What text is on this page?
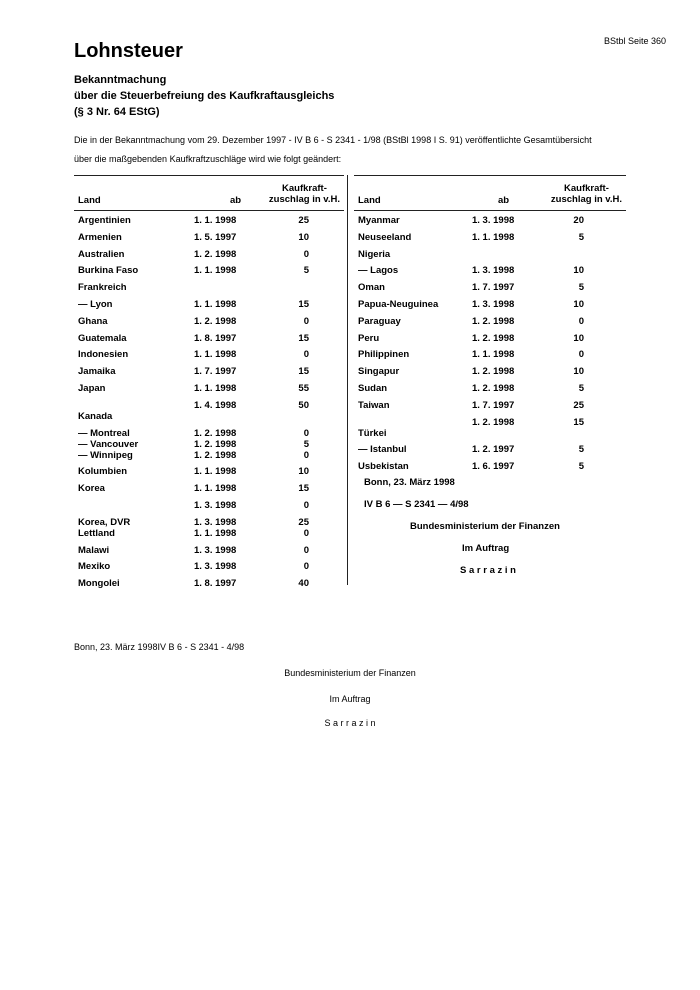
BStbl Seite 360
Lohnsteuer
Bekanntmachung
über die Steuerbefreiung des Kaufkraftausgleichs
(§ 3 Nr. 64 EStG)
Die in der Bekanntmachung vom 29. Dezember 1997 - IV B 6 - S 2341 - 1/98 (BStBl 1998 I S. 91) veröffentlichte Gesamtübersicht
über die maßgebenden Kaufkraftzuschläge wird wie folgt geändert:
Land	ab
Kaufkraft-
zuschlag in v.H.
Argentinien	1. 1. 1998	25
Armenien	1. 5. 1997	10
Australien	1. 2. 1998	0
Burkina Faso	1. 1. 1998	5
Frankreich
— Lyon	1. 1. 1998	15
Ghana	1. 2. 1998	0
Guatemala	1. 8. 1997	15
Indonesien	1. 1. 1998	0
Jamaika	1. 7. 1997	15
Japan	1. 1. 1998	55
1. 4. 1998	50
Kanada
— Montreal	1. 2. 1998	0
— Vancouver	1. 2. 1998	5
— Winnipeg	1. 2. 1998	0
Kolumbien	1. 1. 1998	10
Korea	1. 1. 1998	15
1. 3. 1998	0
Korea, DVR	1. 3. 1998	25
Lettland	1. 1. 1998	0
Malawi	1. 3. 1998	0
Mexiko	1. 3. 1998	0
Mongolei	1. 8. 1997	40
Land	ab
Kaufkraft-
zuschlag in v.H.
Myanmar	1. 3. 1998	20
Neuseeland	1. 1. 1998	5
Nigeria
— Lagos	1. 3. 1998	10
Oman	1. 7. 1997	5
Papua-Neuguinea	1. 3. 1998	10
Paraguay	1. 2. 1998	0
Peru	1. 2. 1998	10
Philippinen	1. 1. 1998	0
Singapur	1. 2. 1998	10
Sudan	1. 2. 1998	5
Taiwan	1. 7. 1997	25
1. 2. 1998	15
Türkei
— Istanbul	1. 2. 1997	5
Usbekistan	1. 6. 1997	5
Bonn, 23. März 1998
IV B 6 — S 2341 — 4/98
Bundesministerium der Finanzen
Im Auftrag
S a r r a z i n
Bonn, 23. März 1998IV B 6 - S 2341 - 4/98
Bundesministerium der Finanzen
Im Auftrag
S a r r a z i n
